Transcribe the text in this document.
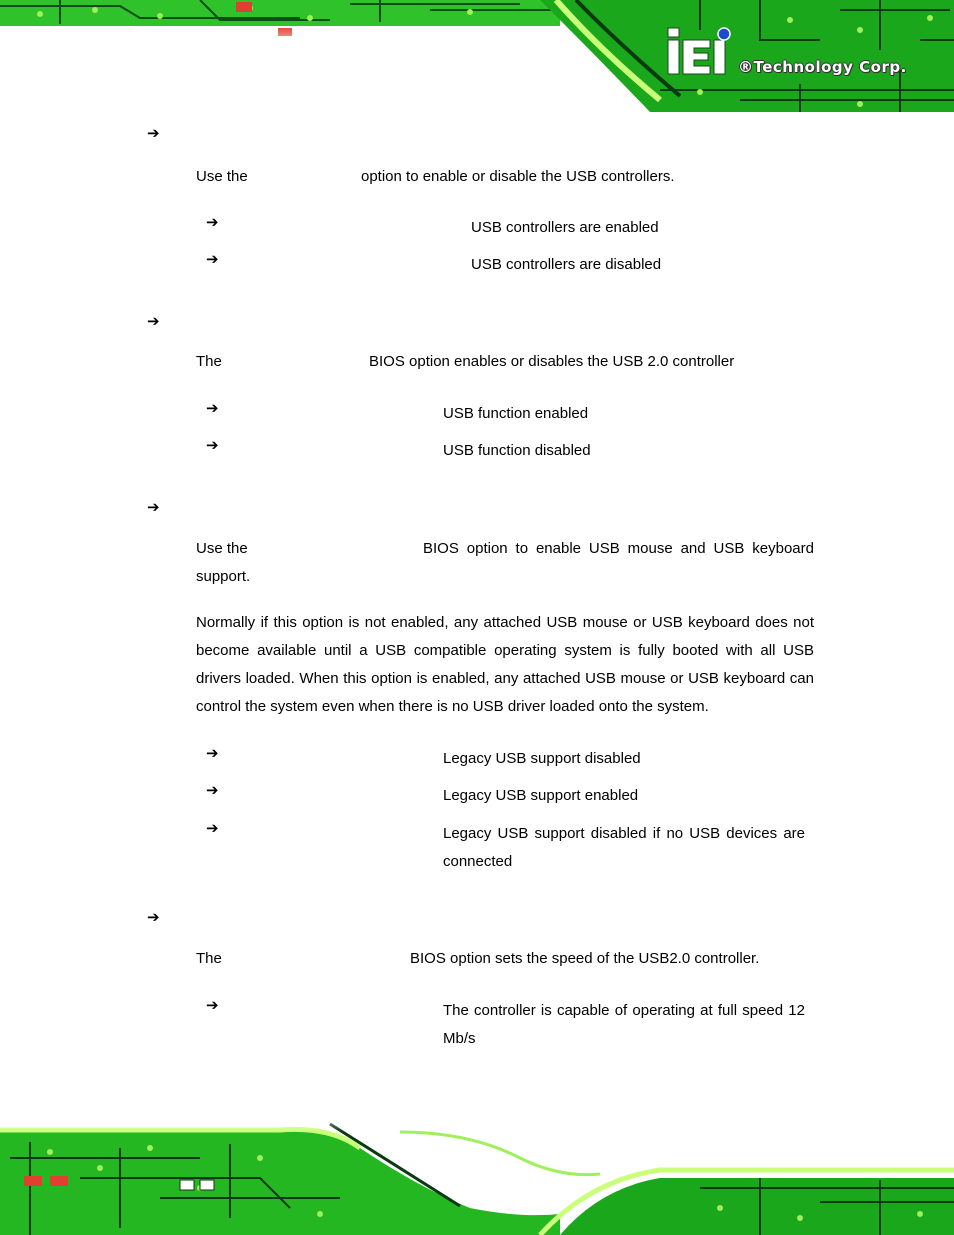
®Technology Corp.
➔
Use the	option to enable or disable the USB controllers.
➔	USB controllers are enabled
➔	USB controllers are disabled
➔
The	BIOS option enables or disables the USB 2.0 controller
➔	USB function enabled
➔	USB function disabled
➔
Use the	BIOS option to enable USB mouse and USB keyboard
support.
Normally if this option is not enabled, any attached USB mouse or USB keyboard does not become available until a USB compatible operating system is fully booted with all USB drivers loaded. When this option is enabled, any attached USB mouse or USB keyboard can control the system even when there is no USB driver loaded onto the system.
➔	Legacy USB support disabled
➔	Legacy USB support enabled
➔	Legacy USB support disabled if no USB devices are connected
➔
The	BIOS option sets the speed of the USB2.0 controller.
➔	The controller is capable of operating at full speed 12 Mb/s
